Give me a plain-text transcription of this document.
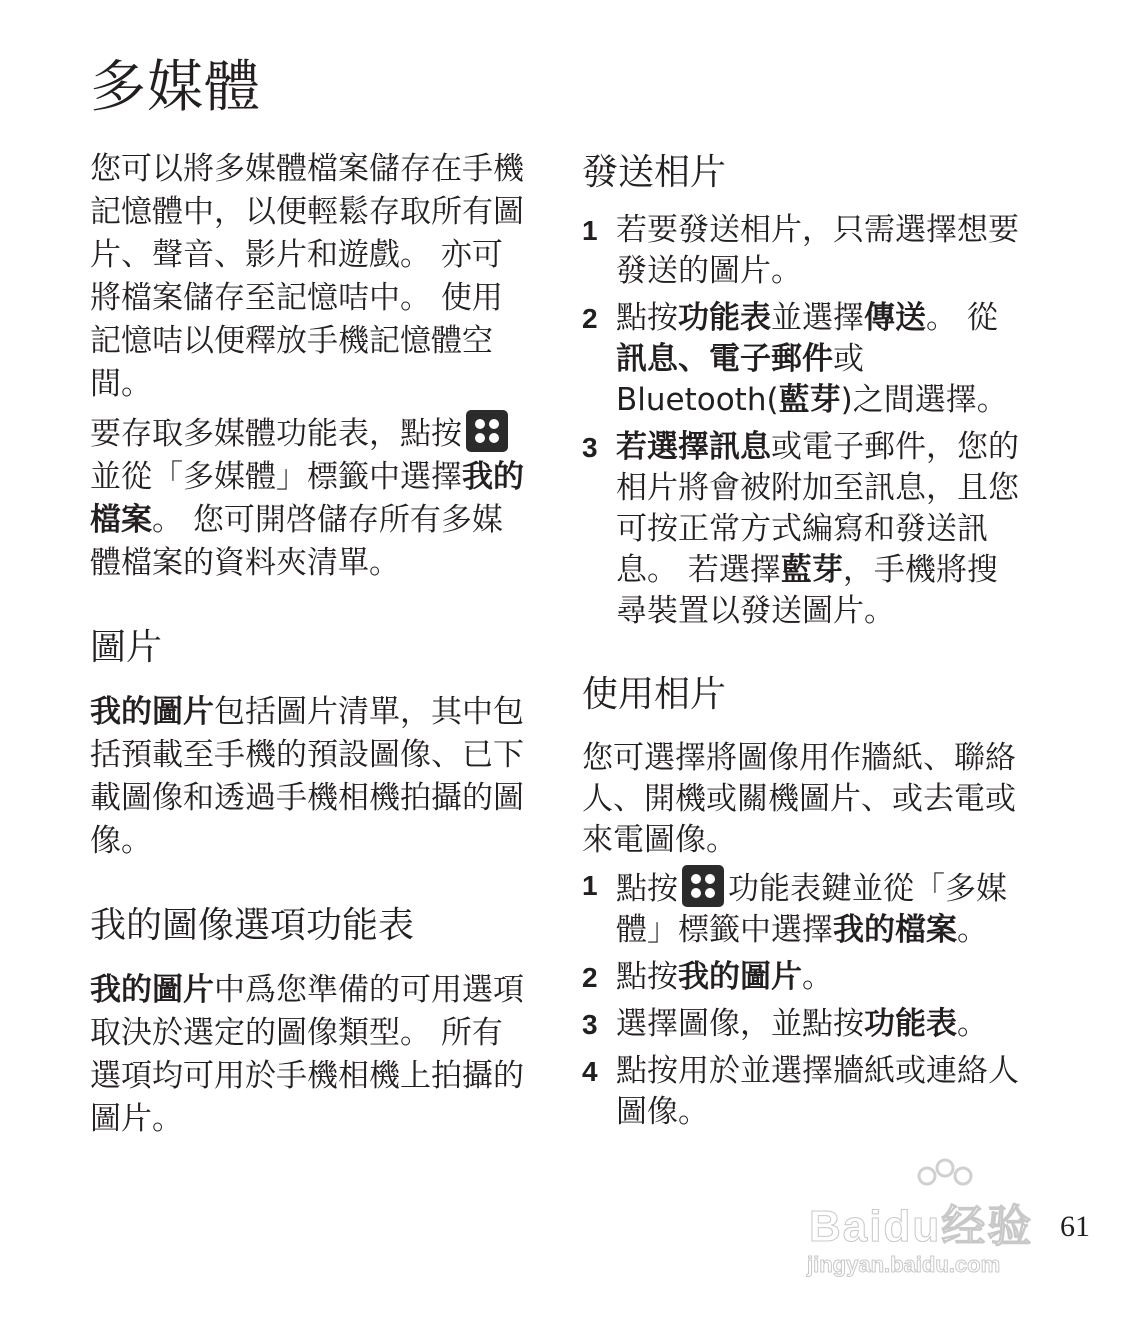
多媒體

您可以將多媒體檔案儲存在手機記憶體中，以便輕鬆存取所有圖片、聲音、影片和遊戲。 亦可將檔案儲存至記憶咭中。 使用記憶咭以便釋放手機記憶體空間。

要存取多媒體功能表，點按
並從「多媒體」標籤中選擇我的檔案。 您可開啓儲存所有多媒體檔案的資料夾清單。

圖片

我的圖片包括圖片清單，其中包括預載至手機的預設圖像、已下載圖像和透過手機相機拍攝的圖像。

我的圖像選項功能表

我的圖片中爲您準備的可用選項取決於選定的圖像類型。 所有選項均可用於手機相機上拍攝的圖片。

發送相片
1 若要發送相片，只需選擇想要發送的圖片。
2 點按功能表並選擇傳送。 從訊息、電子郵件或Bluetooth(藍芽)之間選擇。
3 若選擇訊息或電子郵件，您的相片將會被附加至訊息，且您可按正常方式編寫和發送訊息。 若選擇藍芽，手機將搜尋裝置以發送圖片。
使用相片

您可選擇將圖像用作牆紙、聯絡人、開機或關機圖片、或去電或來電圖像。

1 點按 功能表鍵並從「多媒體」標籤中選擇我的檔案。
2 點按我的圖片。
3 選擇圖像，並點按功能表。
4 點按用於並選擇牆紙或連絡人圖像。
Baidu经验
jingyan.baidu.com
61
